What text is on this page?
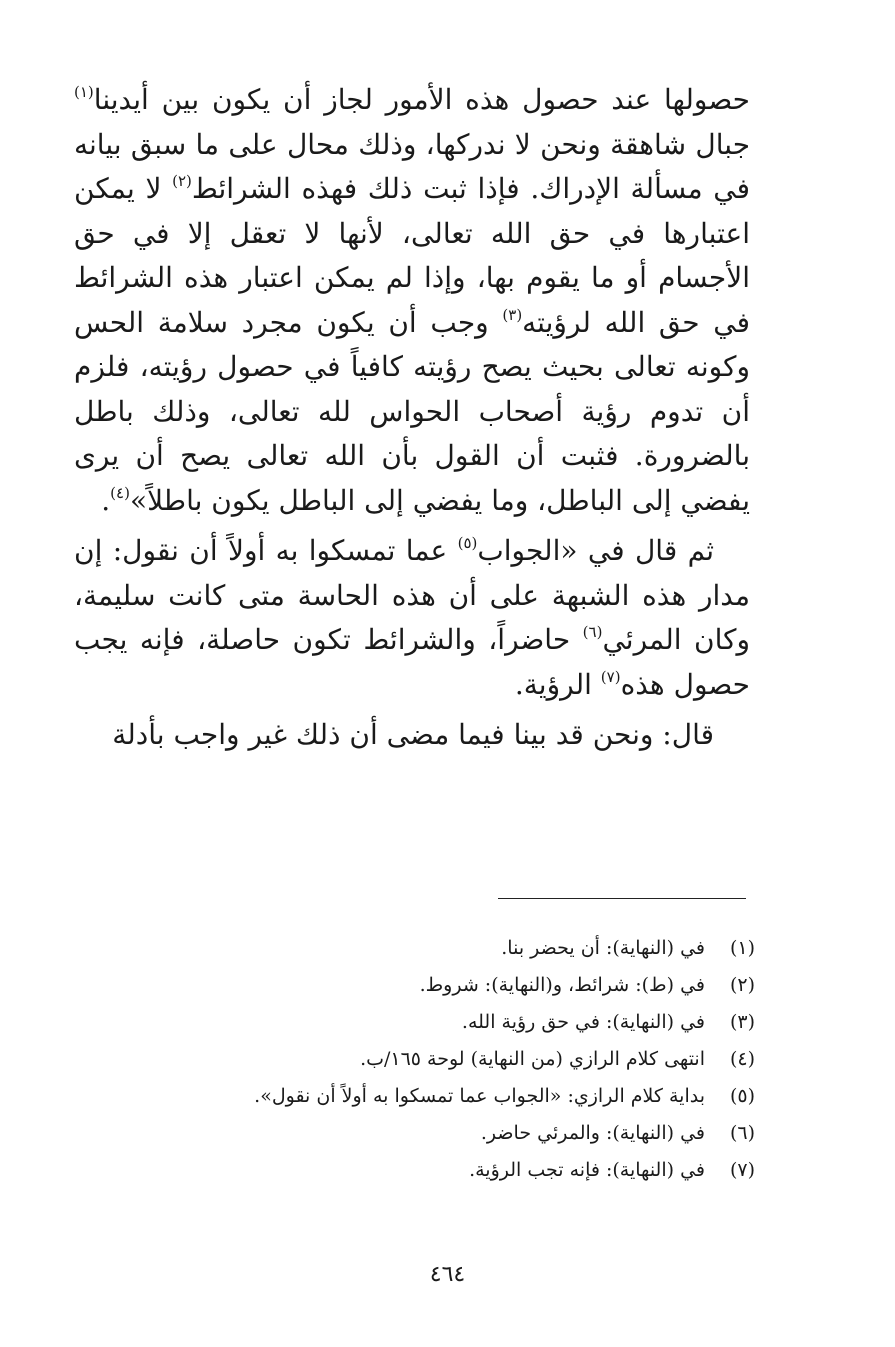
حصولها عند حصول هذه الأمور لجاز أن يكون بين أيدينا$^{(١)}$ جبال شاهقة ونحن لا ندركها، وذلك محال على ما سبق بيانه في مسألة الإدراك. فإذا ثبت ذلك فهذه الشرائط$^{(٢)}$ لا يمكن اعتبارها في حق الله تعالى، لأنها لا تعقل إلا في حق الأجسام أو ما يقوم بها، وإذا لم يمكن اعتبار هذه الشرائط في حق الله لرؤيته$^{(٣)}$ وجب أن يكون مجرد سلامة الحس وكونه تعالى بحيث يصح رؤيته كافياً في حصول رؤيته، فلزم أن تدوم رؤية أصحاب الحواس لله تعالى، وذلك باطل بالضرورة. فثبت أن القول بأن الله تعالى يصح أن يرى يفضي إلى الباطل، وما يفضي إلى الباطل يكون باطلاً»$^{(٤)}$.

ثم قال في «الجواب$^{(٥)}$ عما تمسكوا به أولاً أن نقول: إن مدار هذه الشبهة على أن هذه الحاسة متى كانت سليمة، وكان المرئي$^{(٦)}$ حاضراً، والشرائط تكون حاصلة، فإنه يجب حصول هذه$^{(٧)}$ الرؤية.

قال: ونحن قد بينا فيما مضى أن ذلك غير واجب بأدلة

(١)في (النهاية): أن يحضر بنا.
(٢)في (ط): شرائط، و(النهاية): شروط.
(٣)في (النهاية): في حق رؤية الله.
(٤)انتهى كلام الرازي (من النهاية) لوحة ١٦٥/ب.
(٥)بداية كلام الرازي: «الجواب عما تمسكوا به أولاً أن نقول».
(٦)في (النهاية): والمرئي حاضر.
(٧)في (النهاية): فإنه تجب الرؤية.
٤٦٤
